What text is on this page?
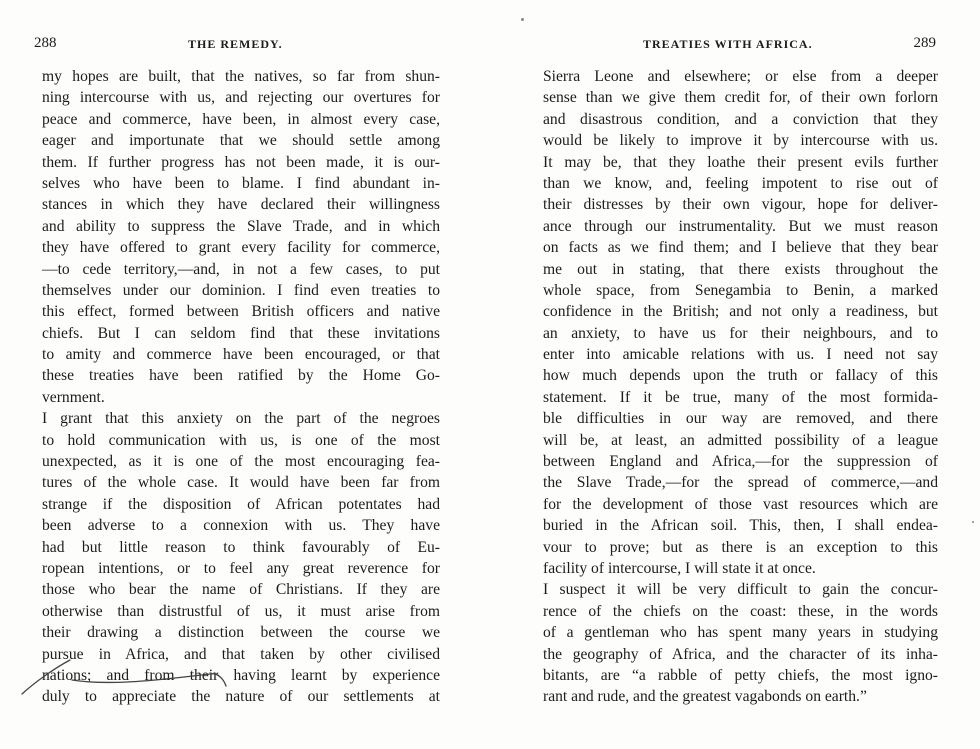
288	THE REMEDY.
my hopes are built, that the natives, so far from shun-
ning intercourse with us, and rejecting our overtures for
peace and commerce, have been, in almost every case,
eager and importunate that we should settle among
them. If further progress has not been made, it is our-
selves who have been to blame. I find abundant in-
stances in which they have declared their willingness
and ability to suppress the Slave Trade, and in which
they have offered to grant every facility for commerce,
—to cede territory,—and, in not a few cases, to put
themselves under our dominion. I find even treaties to
this effect, formed between British officers and native
chiefs. But I can seldom find that these invitations
to amity and commerce have been encouraged, or that
these treaties have been ratified by the Home Go-
vernment.
I grant that this anxiety on the part of the negroes
to hold communication with us, is one of the most
unexpected, as it is one of the most encouraging fea-
tures of the whole case. It would have been far from
strange if the disposition of African potentates had
been adverse to a connexion with us. They have
had but little reason to think favourably of Eu-
ropean intentions, or to feel any great reverence for
those who bear the name of Christians. If they are
otherwise than distrustful of us, it must arise from
their drawing a distinction between the course we
pursue in Africa, and that taken by other civilised
nations; and from their having learnt by experience
duly to appreciate the nature of our settlements at
TREATIES WITH AFRICA.	289
Sierra Leone and elsewhere; or else from a deeper
sense than we give them credit for, of their own forlorn
and disastrous condition, and a conviction that they
would be likely to improve it by intercourse with us.
It may be, that they loathe their present evils further
than we know, and, feeling impotent to rise out of
their distresses by their own vigour, hope for deliver-
ance through our instrumentality. But we must reason
on facts as we find them; and I believe that they bear
me out in stating, that there exists throughout the
whole space, from Senegambia to Benin, a marked
confidence in the British; and not only a readiness, but
an anxiety, to have us for their neighbours, and to
enter into amicable relations with us. I need not say
how much depends upon the truth or fallacy of this
statement. If it be true, many of the most formida-
ble difficulties in our way are removed, and there
will be, at least, an admitted possibility of a league
between England and Africa,—for the suppression of
the Slave Trade,—for the spread of commerce,—and
for the development of those vast resources which are
buried in the African soil. This, then, I shall endea-
vour to prove; but as there is an exception to this
facility of intercourse, I will state it at once.
I suspect it will be very difficult to gain the concur-
rence of the chiefs on the coast: these, in the words
of a gentleman who has spent many years in studying
the geography of Africa, and the character of its inha-
bitants, are “a rabble of petty chiefs, the most igno-
rant and rude, and the greatest vagabonds on earth.”
